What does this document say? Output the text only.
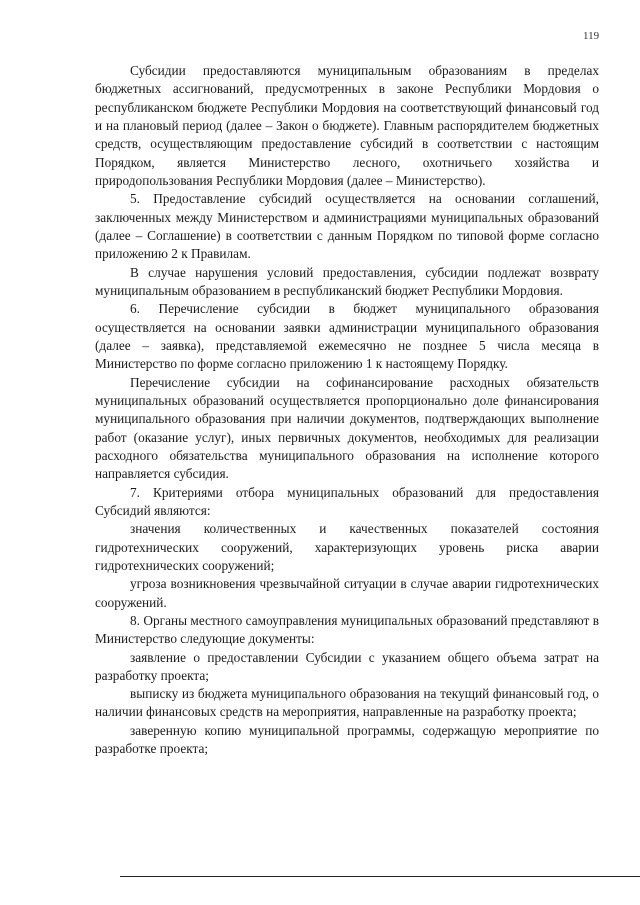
119

Субсидии предоставляются муниципальным образованиям в пределах бюджетных ассигнований, предусмотренных в законе Республики Мордовия о республиканском бюджете Республики Мордовия на соответствующий финансовый год и на плановый период (далее – Закон о бюджете). Главным распорядителем бюджетных средств, осуществляющим предоставление субсидий в соответствии с настоящим Порядком, является Министерство лесного, охотничьего хозяйства и природопользования Республики Мордовия (далее – Министерство).

5. Предоставление субсидий осуществляется на основании соглашений, заключенных между Министерством и администрациями муниципальных образований (далее – Соглашение) в соответствии с данным Порядком по типовой форме согласно приложению 2 к Правилам.

В случае нарушения условий предоставления, субсидии подлежат возврату муниципальным образованием в республиканский бюджет Республики Мордовия.

6. Перечисление субсидии в бюджет муниципального образования осуществляется на основании заявки администрации муниципального образования (далее – заявка), представляемой ежемесячно не позднее 5 числа месяца в Министерство по форме согласно приложению 1 к настоящему Порядку.

Перечисление субсидии на софинансирование расходных обязательств муниципальных образований осуществляется пропорционально доле финансирования муниципального образования при наличии документов, подтверждающих выполнение работ (оказание услуг), иных первичных документов, необходимых для реализации расходного обязательства муниципального образования на исполнение которого направляется субсидия.

7. Критериями отбора муниципальных образований для предоставления Субсидий являются:

значения количественных и качественных показателей состояния гидротехнических сооружений, характеризующих уровень риска аварии гидротехнических сооружений;

угроза возникновения чрезвычайной ситуации в случае аварии гидротехнических сооружений.

8. Органы местного самоуправления муниципальных образований представляют в Министерство следующие документы:

заявление о предоставлении Субсидии с указанием общего объема затрат на разработку проекта;

выписку из бюджета муниципального образования на текущий финансовый год, о наличии финансовых средств на мероприятия, направленные на разработку проекта;

заверенную копию муниципальной программы, содержащую мероприятие по разработке проекта;
